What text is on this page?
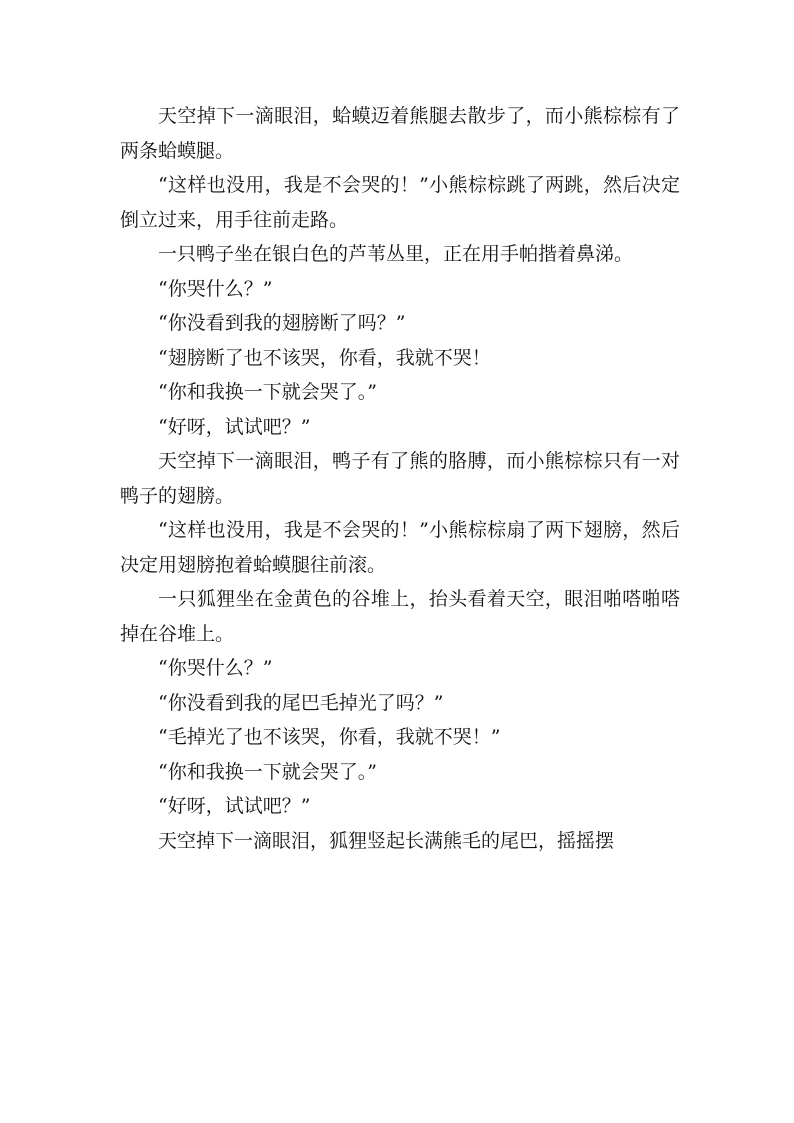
天空掉下一滴眼泪，蛤蟆迈着熊腿去散步了，而小熊棕棕有了两条蛤蟆腿。

“这样也没用，我是不会哭的！”小熊棕棕跳了两跳，然后决定倒立过来，用手往前走路。

一只鸭子坐在银白色的芦苇丛里，正在用手帕揩着鼻涕。

“你哭什么？”

“你没看到我的翅膀断了吗？”

“翅膀断了也不该哭，你看，我就不哭！

“你和我换一下就会哭了。”

“好呀，试试吧？”

天空掉下一滴眼泪，鸭子有了熊的胳膊，而小熊棕棕只有一对鸭子的翅膀。

“这样也没用，我是不会哭的！”小熊棕棕扇了两下翅膀，然后决定用翅膀抱着蛤蟆腿往前滚。

一只狐狸坐在金黄色的谷堆上，抬头看着天空，眼泪啪嗒啪嗒掉在谷堆上。

“你哭什么？”

“你没看到我的尾巴毛掉光了吗？”

“毛掉光了也不该哭，你看，我就不哭！”

“你和我换一下就会哭了。”

“好呀，试试吧？”

天空掉下一滴眼泪，狐狸竖起长满熊毛的尾巴，摇摇摆
